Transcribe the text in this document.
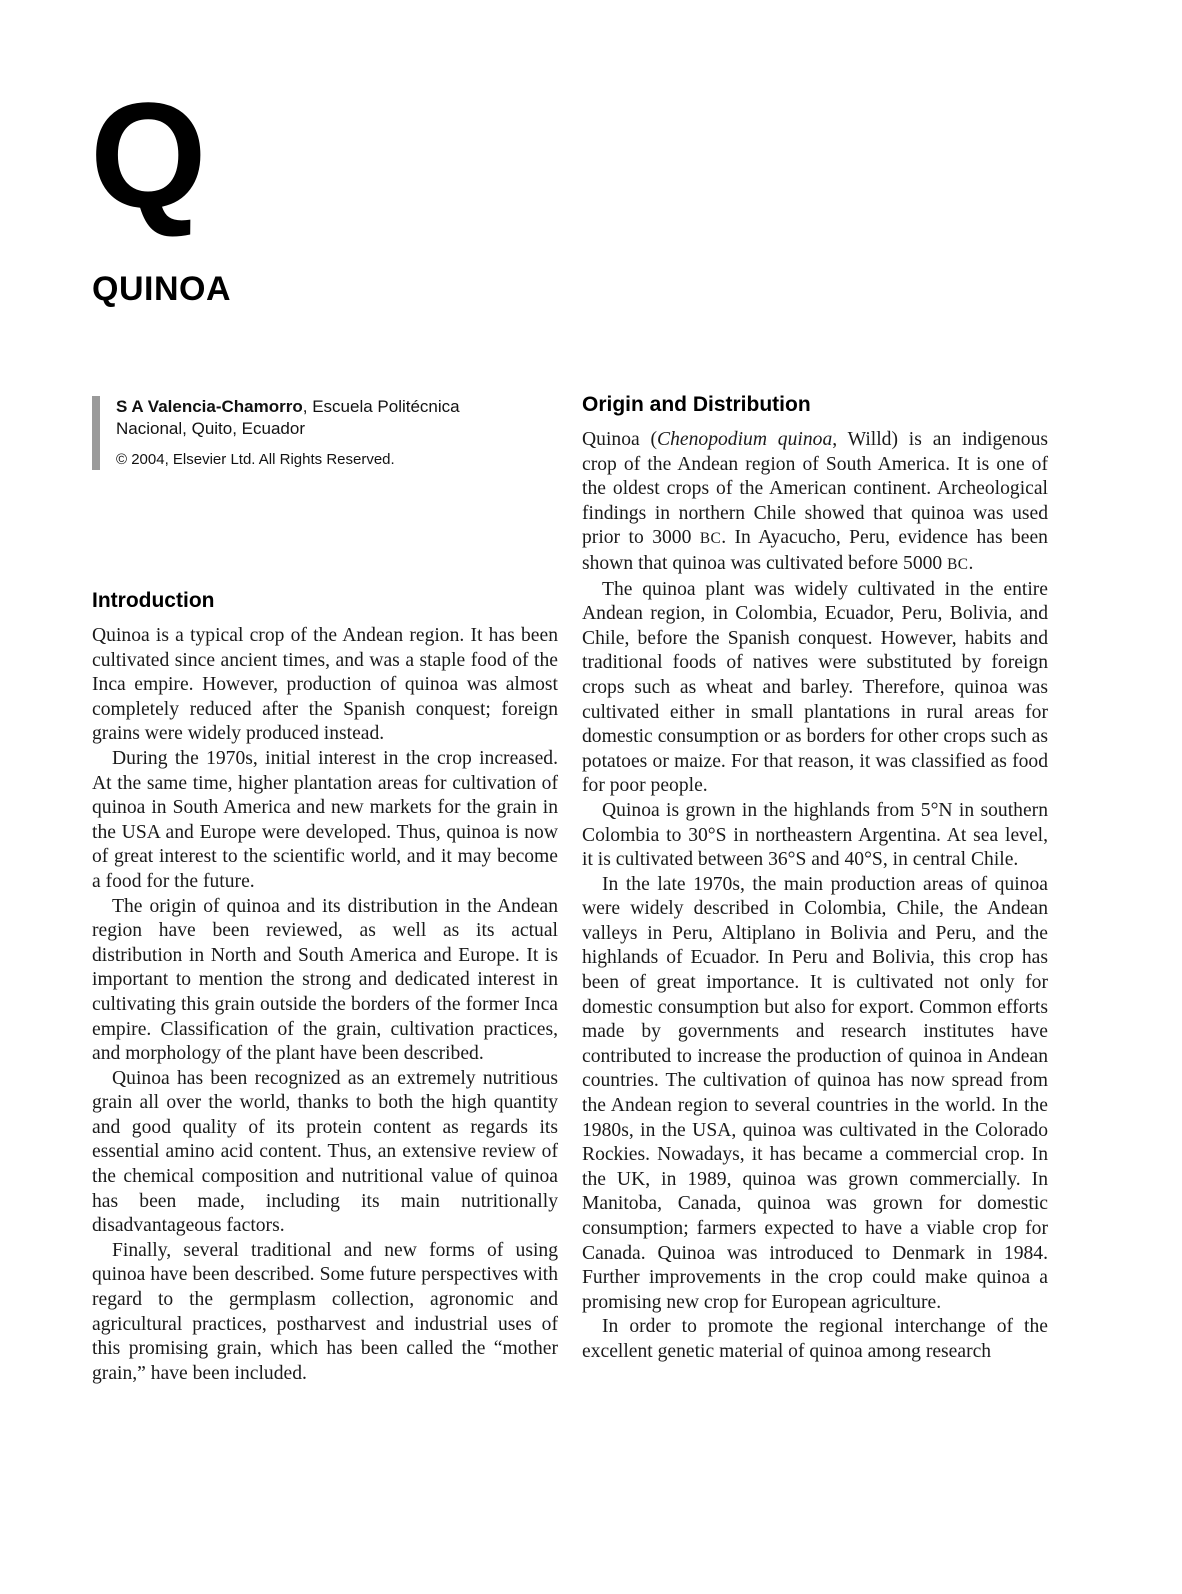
Q
QUINOA

S A Valencia-Chamorro, Escuela Politécnica

Nacional, Quito, Ecuador

© 2004, Elsevier Ltd. All Rights Reserved.

Introduction

Quinoa is a typical crop of the Andean region. It has been cultivated since ancient times, and was a staple food of the Inca empire. However, production of quinoa was almost completely reduced after the Spanish conquest; foreign grains were widely produced instead.

During the 1970s, initial interest in the crop increased. At the same time, higher plantation areas for cultivation of quinoa in South America and new markets for the grain in the USA and Europe were developed. Thus, quinoa is now of great interest to the scientific world, and it may become a food for the future.

The origin of quinoa and its distribution in the Andean region have been reviewed, as well as its actual distribution in North and South America and Europe. It is important to mention the strong and dedicated interest in cultivating this grain outside the borders of the former Inca empire. Classification of the grain, cultivation practices, and morphology of the plant have been described.

Quinoa has been recognized as an extremely nutritious grain all over the world, thanks to both the high quantity and good quality of its protein content as regards its essential amino acid content. Thus, an extensive review of the chemical composition and nutritional value of quinoa has been made, including its main nutritionally disadvantageous factors.

Finally, several traditional and new forms of using quinoa have been described. Some future perspectives with regard to the germplasm collection, agronomic and agricultural practices, postharvest and industrial uses of this promising grain, which has been called the “mother grain,” have been included.

Origin and Distribution

Quinoa (Chenopodium quinoa, Willd) is an indigenous crop of the Andean region of South America. It is one of the oldest crops of the American continent. Archeological findings in northern Chile showed that quinoa was used prior to 3000 BC. In Ayacucho, Peru, evidence has been shown that quinoa was cultivated before 5000 BC.

The quinoa plant was widely cultivated in the entire Andean region, in Colombia, Ecuador, Peru, Bolivia, and Chile, before the Spanish conquest. However, habits and traditional foods of natives were substituted by foreign crops such as wheat and barley. Therefore, quinoa was cultivated either in small plantations in rural areas for domestic consumption or as borders for other crops such as potatoes or maize. For that reason, it was classified as food for poor people.

Quinoa is grown in the highlands from 5°N in southern Colombia to 30°S in northeastern Argentina. At sea level, it is cultivated between 36°S and 40°S, in central Chile.

In the late 1970s, the main production areas of quinoa were widely described in Colombia, Chile, the Andean valleys in Peru, Altiplano in Bolivia and Peru, and the highlands of Ecuador. In Peru and Bolivia, this crop has been of great importance. It is cultivated not only for domestic consumption but also for export. Common efforts made by governments and research institutes have contributed to increase the production of quinoa in Andean countries. The cultivation of quinoa has now spread from the Andean region to several countries in the world. In the 1980s, in the USA, quinoa was cultivated in the Colorado Rockies. Nowadays, it has became a commercial crop. In the UK, in 1989, quinoa was grown commercially. In Manitoba, Canada, quinoa was grown for domestic consumption; farmers expected to have a viable crop for Canada. Quinoa was introduced to Denmark in 1984. Further improvements in the crop could make quinoa a promising new crop for European agriculture.

In order to promote the regional interchange of the excellent genetic material of quinoa among research
